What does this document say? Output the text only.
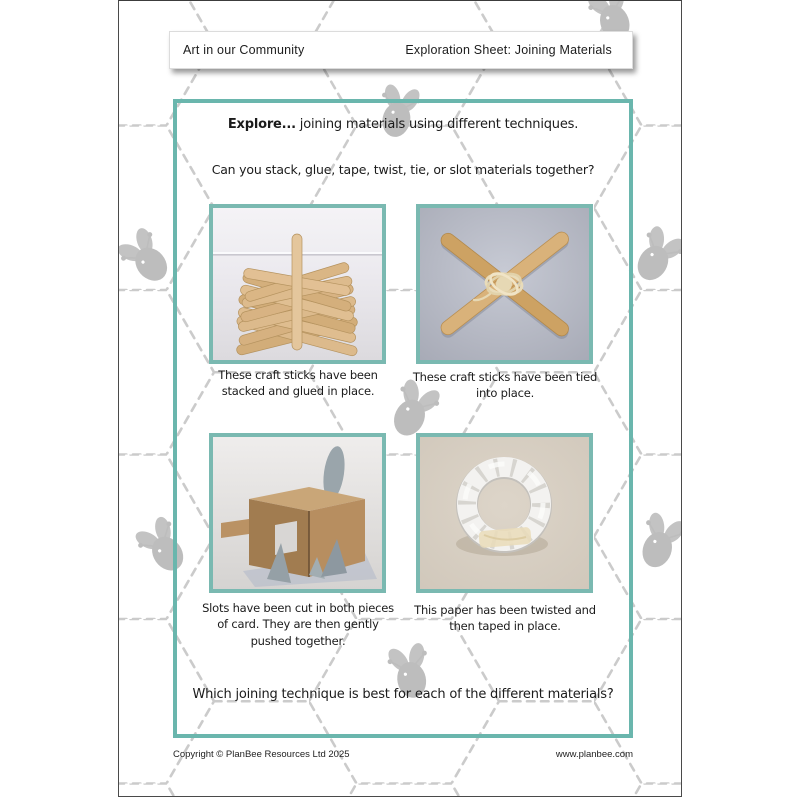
Art in our Community	Exploration Sheet: Joining Materials
Explore... joining materials using different techniques.
Can you stack, glue, tape, twist, tie, or slot materials together?
These craft sticks have been stacked and glued in place.
These craft sticks have been tied into place.
Slots have been cut in both pieces of card. They are then gently pushed together.
This paper has been twisted and then taped in place.
Which joining technique is best for each of the different materials?
Copyright © PlanBee Resources Ltd 2025	www.planbee.com
